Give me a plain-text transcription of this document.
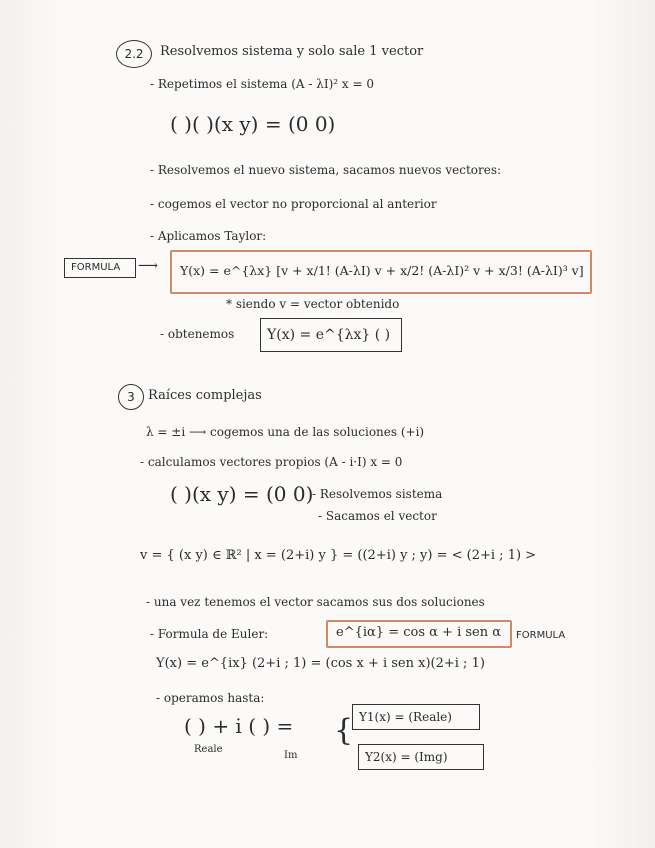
2.2 Resolvemos sistema y solo sale 1 vector
- Repetimos el sistema (A - λI)² x = 0
( )( )(x y) = (0 0)
- Resolvemos el nuevo sistema, sacamos nuevos vectores:
- cogemos el vector no proporcional al anterior
- Aplicamos Taylor:
FORMULA ⟶ Y(x) = e^{λx} [v + x/1! (A-λI) v + x/2! (A-λI)² v + x/3! (A-λI)³ v]
* siendo v = vector obtenido
- obtenemos Y(x) = e^{λx} ( )
3 Raíces complejas
λ = ±i ⟶ cogemos una de las soluciones (+i)
- calculamos vectores propios (A - i·I) x = 0
( )(x y) = (0 0)
- Resolvemos sistema
- Sacamos el vector
v = { (x y) ∈ ℝ² | x = (2+i) y } = ((2+i) y ; y) = < (2+i ; 1) >
- una vez tenemos el vector sacamos sus dos soluciones
- Formula de Euler:	e^{iα} = cos α + i sen α FORMULA
Y(x) = e^{ix} (2+i ; 1) = (cos x + i sen x)(2+i ; 1)
- operamos hasta:
( ) + i ( ) =
Reale
Im
{ Y1(x) = (Reale)
Y2(x) = (Img)
